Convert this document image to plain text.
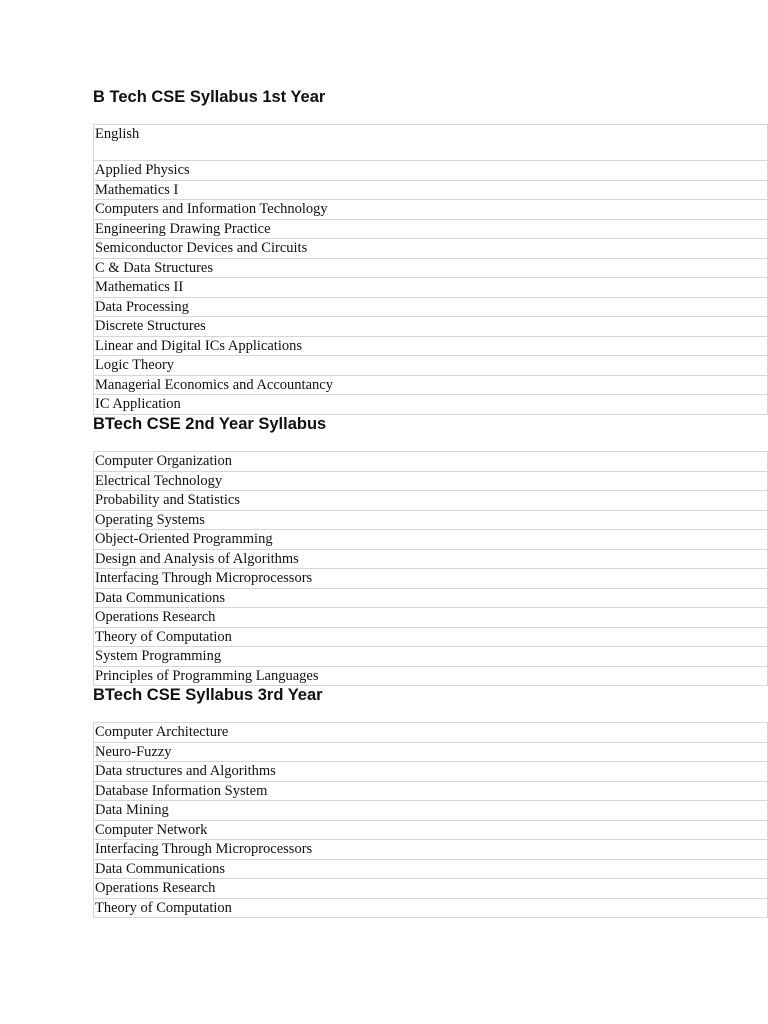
B Tech CSE Syllabus 1st Year
English
Applied Physics
Mathematics I
Computers and Information Technology
Engineering Drawing Practice
Semiconductor Devices and Circuits
C & Data Structures
Mathematics II
Data Processing
Discrete Structures
Linear and Digital ICs Applications
Logic Theory
Managerial Economics and Accountancy
IC Application
BTech CSE 2nd Year Syllabus
Computer Organization
Electrical Technology
Probability and Statistics
Operating Systems
Object-Oriented Programming
Design and Analysis of Algorithms
Interfacing Through Microprocessors
Data Communications
Operations Research
Theory of Computation
System Programming
Principles of Programming Languages
BTech CSE Syllabus 3rd Year
Computer Architecture
Neuro-Fuzzy
Data structures and Algorithms
Database Information System
Data Mining
Computer Network
Interfacing Through Microprocessors
Data Communications
Operations Research
Theory of Computation
